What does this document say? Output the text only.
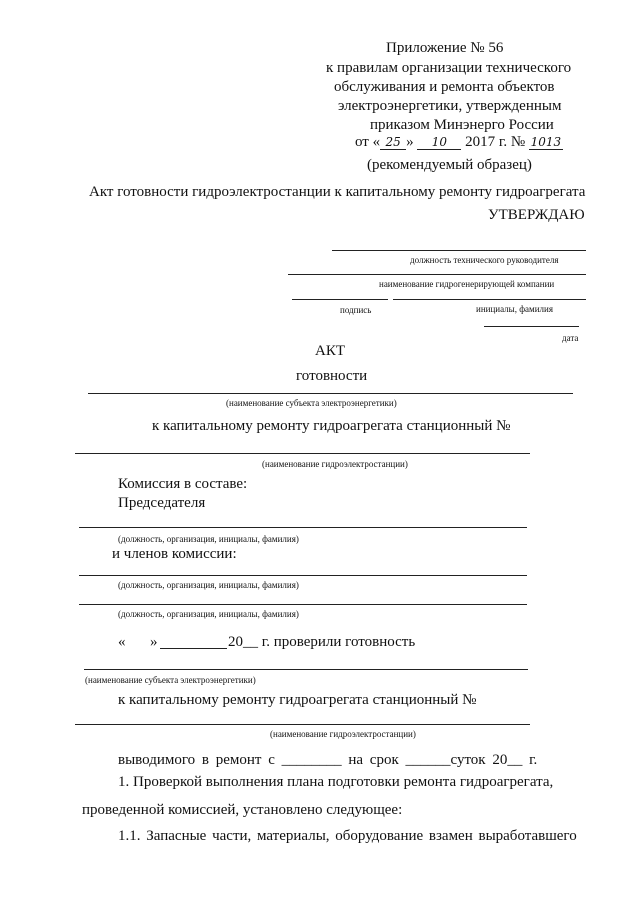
Приложение № 56
к правилам организации технического
обслуживания и ремонта объектов
электроэнергетики, утвержденным
приказом Минэнерго России
от « 25 » 10 2017 г. № 1013
(рекомендуемый образец)
Акт готовности гидроэлектростанции к капитальному ремонту гидроагрегата
УТВЕРЖДАЮ
должность технического руководителя
наименование гидрогенерирующей компании
подпись	инициалы, фамилия
дата
АКТ
готовности
(наименование субъекта электроэнергетики)
к капитальному ремонту гидроагрегата станционный №
(наименование гидроэлектростанции)
Комиссия в составе:
Председателя
(должность, организация, инициалы, фамилия)
и членов комиссии:
(должность, организация, инициалы, фамилия)
(должность, организация, инициалы, фамилия)
« »	20__ г. проверили готовность
(наименование субъекта электроэнергетики)
к капитальному ремонту гидроагрегата станционный №
(наименование гидроэлектростанции)
выводимого в ремонт с ________ на срок ______суток 20__ г.
1. Проверкой выполнения плана подготовки ремонта гидроагрегата,
проведенной комиссией, установлено следующее:
1.1. Запасные части, материалы, оборудование взамен выработавшего
